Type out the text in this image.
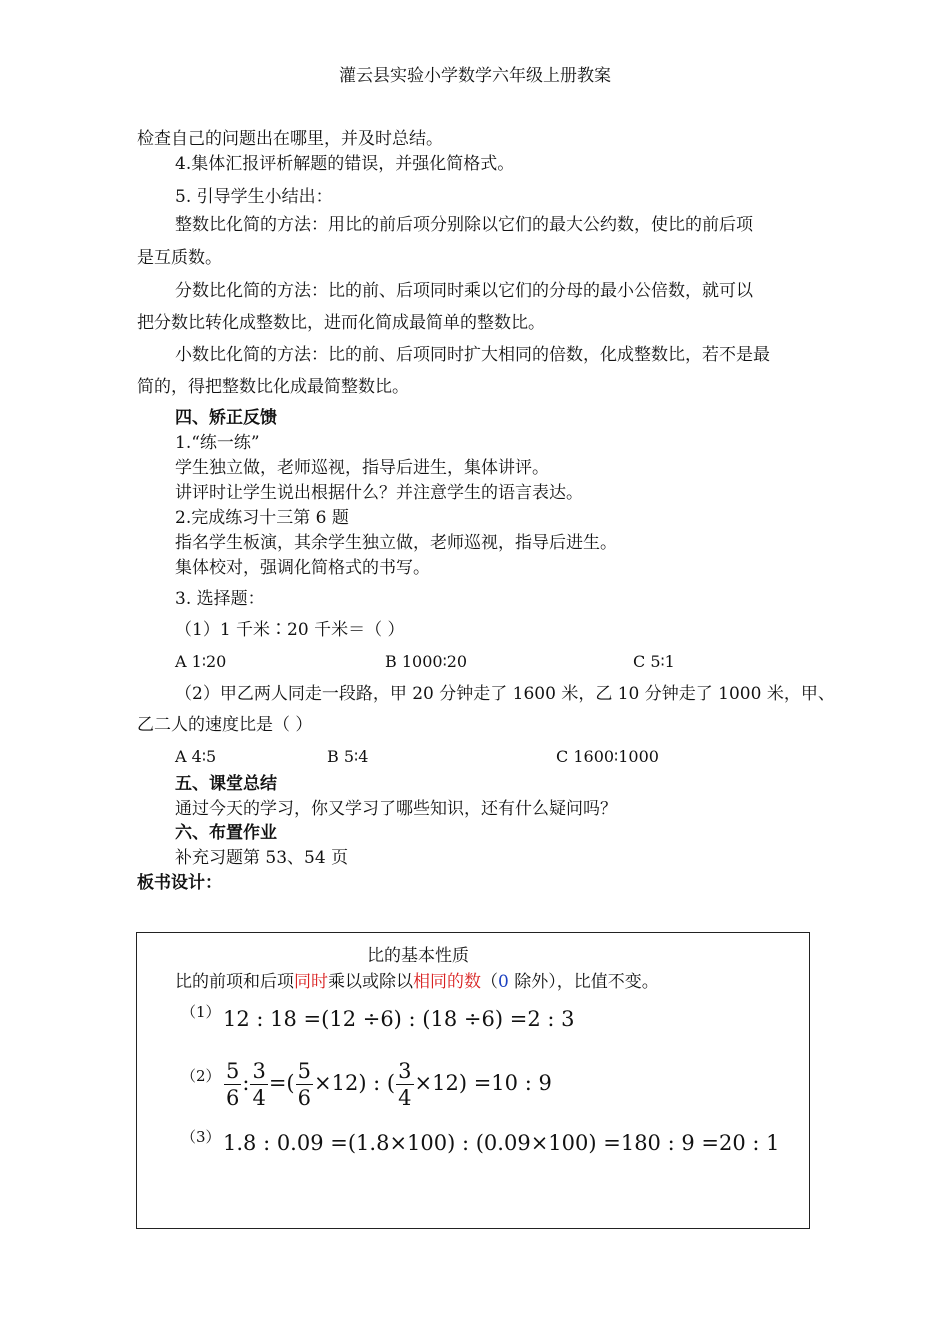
灌云县实验小学数学六年级上册教案
检查自己的问题出在哪里，并及时总结。
4.集体汇报评析解题的错误，并强化简格式。
5. 引导学生小结出：
整数比化简的方法：用比的前后项分别除以它们的最大公约数，使比的前后项
是互质数。
分数比化简的方法：比的前、后项同时乘以它们的分母的最小公倍数，就可以
把分数比转化成整数比，进而化简成最简单的整数比。
小数比化简的方法：比的前、后项同时扩大相同的倍数，化成整数比，若不是最
简的，得把整数比化成最简整数比。
四、矫正反馈
1.“练一练”
学生独立做，老师巡视，指导后进生，集体讲评。
讲评时让学生说出根据什么？并注意学生的语言表达。
2.完成练习十三第 6 题
指名学生板演，其余学生独立做，老师巡视，指导后进生。
集体校对，强调化简格式的书写。
3. 选择题：
（1）1 千米∶20 千米＝（ ）
A 1∶20	B 1000∶20	C 5∶1
（2）甲乙两人同走一段路，甲 20 分钟走了 1600 米，乙 10 分钟走了 1000 米，甲、
乙二人的速度比是（ ）
A 4∶5	B 5∶4	C 1600∶1000
五、课堂总结
通过今天的学习，你又学习了哪些知识，还有什么疑问吗？
六、布置作业
补充习题第 53、54 页
板书设计：
比的基本性质
比的前项和后项同时乘以或除以相同的数（0 除外），比值不变。
（1） 12 : 18 =(12 ÷6) : (18 ÷6) =2 : 3
$(2) \frac{5}{6}$ : $\frac{3}{4}$ =( $\frac{5}{6} \times 12$) : ( $\frac{3}{4} \times 12) =10$ : 9
（3） 1.8 : 0.09 =(1.8×100) : (0.09×100) =180 : 9 =20 : 1
